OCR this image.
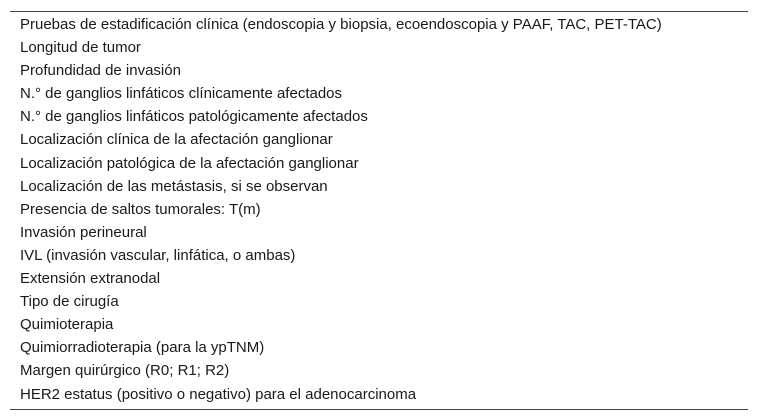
Pruebas de estadificación clínica (endoscopia y biopsia, ecoendoscopia y PAAF, TAC, PET-TAC)
Longitud de tumor
Profundidad de invasión
N.° de ganglios linfáticos clínicamente afectados
N.° de ganglios linfáticos patológicamente afectados
Localización clínica de la afectación ganglionar
Localización patológica de la afectación ganglionar
Localización de las metástasis, si se observan
Presencia de saltos tumorales: T(m)
Invasión perineural
IVL (invasión vascular, linfática, o ambas)
Extensión extranodal
Tipo de cirugía
Quimioterapia
Quimiorradioterapia (para la ypTNM)
Margen quirúrgico (R0; R1; R2)
HER2 estatus (positivo o negativo) para el adenocarcinoma
